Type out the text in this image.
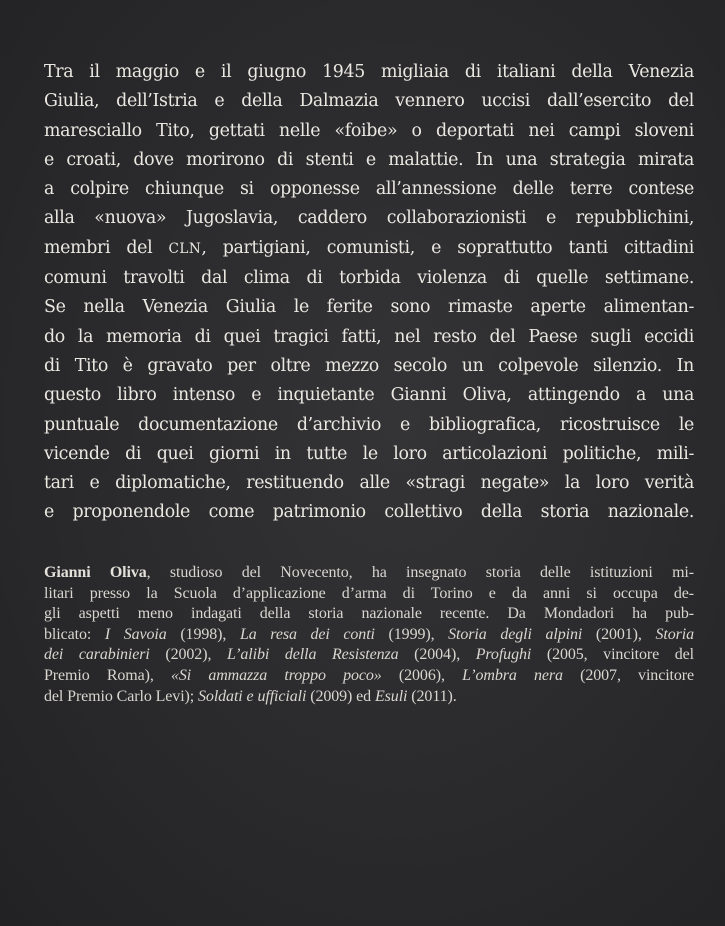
Tra il maggio e il giugno 1945 migliaia di italiani della Venezia
Giulia, dell’Istria e della Dalmazia vennero uccisi dall’esercito del
maresciallo Tito, gettati nelle «foibe» o deportati nei campi sloveni
e croati, dove morirono di stenti e malattie. In una strategia mirata
a colpire chiunque si opponesse all’annessione delle terre contese
alla «nuova» Jugoslavia, caddero collaborazionisti e repubblichini,
membri del CLN, partigiani, comunisti, e soprattutto tanti cittadini
comuni travolti dal clima di torbida violenza di quelle settimane.
Se nella Venezia Giulia le ferite sono rimaste aperte alimentan-
do la memoria di quei tragici fatti, nel resto del Paese sugli eccidi
di Tito è gravato per oltre mezzo secolo un colpevole silenzio. In
questo libro intenso e inquietante Gianni Oliva, attingendo a una
puntuale documentazione d’archivio e bibliografica, ricostruisce le
vicende di quei giorni in tutte le loro articolazioni politiche, mili-
tari e diplomatiche, restituendo alle «stragi negate» la loro verità
e proponendole come patrimonio collettivo della storia nazionale.

Gianni Oliva, studioso del Novecento, ha insegnato storia delle istituzioni mi-
litari presso la Scuola d’applicazione d’arma di Torino e da anni si occupa de-
gli aspetti meno indagati della storia nazionale recente. Da Mondadori ha pub-
blicato: I Savoia (1998), La resa dei conti (1999), Storia degli alpini (2001), Storia
dei carabinieri (2002), L’alibi della Resistenza (2004), Profughi (2005, vincitore del
Premio Roma), «Si ammazza troppo poco» (2006), L’ombra nera (2007, vincitore
del Premio Carlo Levi); Soldati e ufficiali (2009) ed Esuli (2011).
